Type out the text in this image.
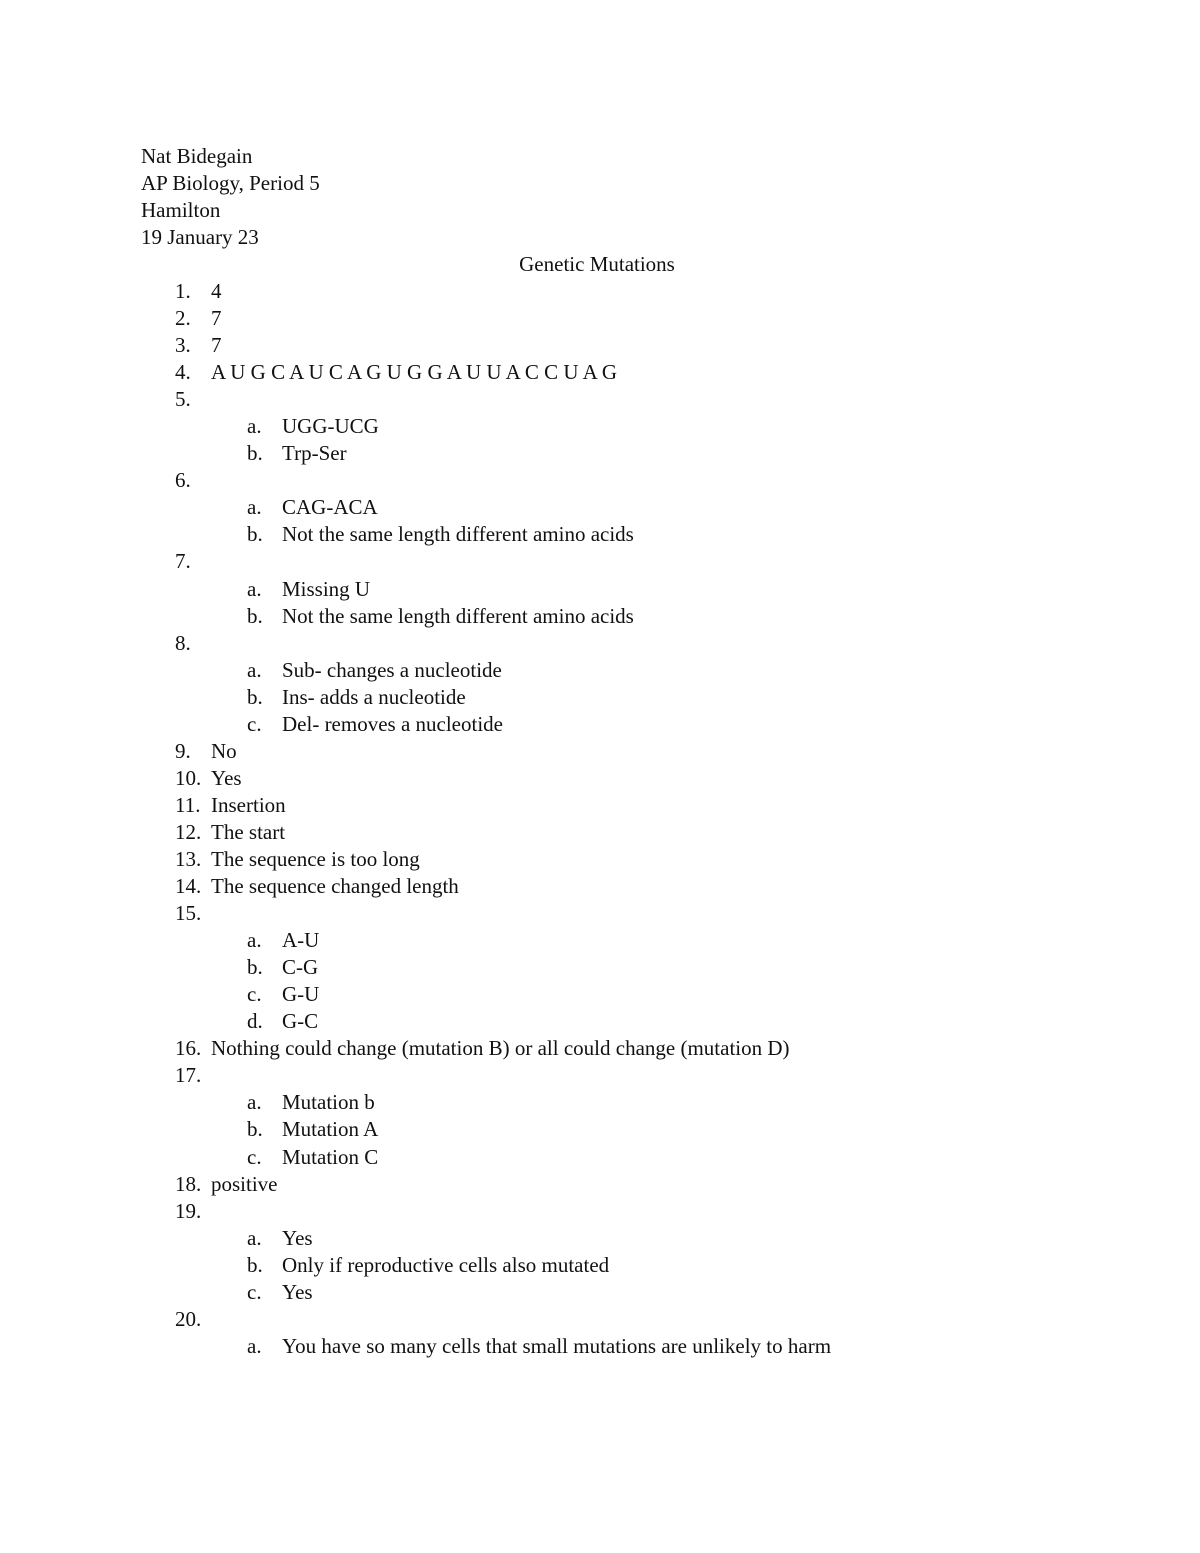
Nat Bidegain
AP Biology, Period 5
Hamilton
19 January 23
Genetic Mutations
1. 4
2. 7
3. 7
4. A U G C A U C A G U G G A U U A C C U A G
5.
a. UGG-UCG
b. Trp-Ser
6.
a. CAG-ACA
b. Not the same length different amino acids
7.
a. Missing U
b. Not the same length different amino acids
8.
a. Sub- changes a nucleotide
b. Ins- adds a nucleotide
c. Del- removes a nucleotide
9. No
10. Yes
11. Insertion
12. The start
13. The sequence is too long
14. The sequence changed length
15.
a. A-U
b. C-G
c. G-U
d. G-C
16. Nothing could change (mutation B) or all could change (mutation D)
17.
a. Mutation b
b. Mutation A
c. Mutation C
18. positive
19.
a. Yes
b. Only if reproductive cells also mutated
c. Yes
20.
a. You have so many cells that small mutations are unlikely to harm
